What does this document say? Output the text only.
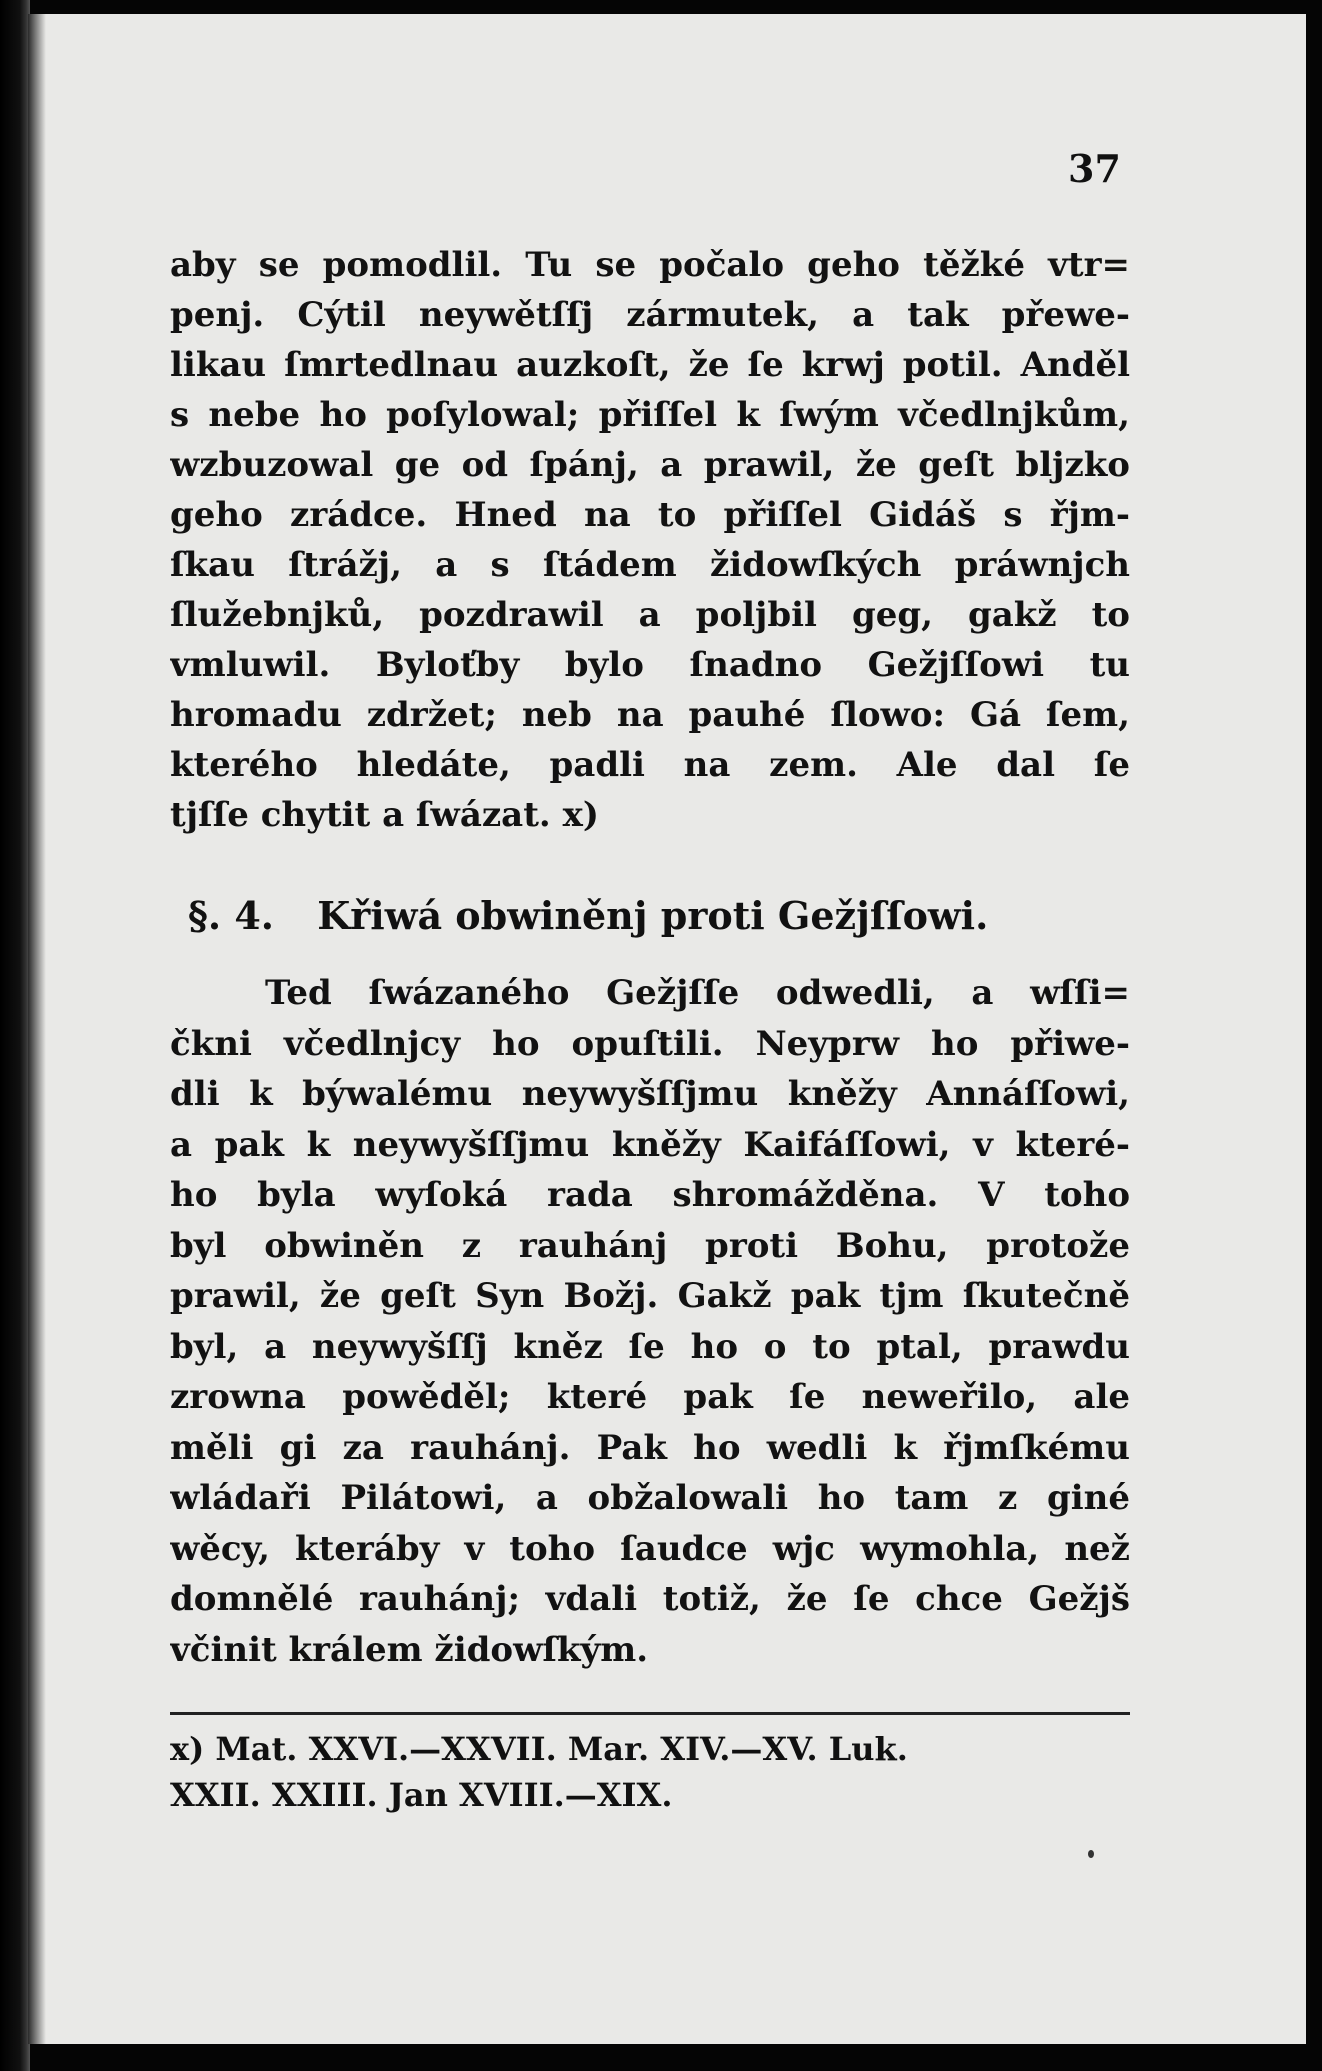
37
aby se pomodlil. Tu se počalo geho těžké vtr=
penj. Cýtil neywětſſj zármutek, a tak přewe-
likau ſmrtedlnau auzkoſt, že ſe krwj potil. Anděl
s nebe ho poſylowal; přiſſel k ſwým včedlnjkům,
wzbuzowal ge od ſpánj, a prawil, že geſt bljzko
geho zrádce. Hned na to přiſſel Gidáš s řjm-
ſkau ſtrážj, a s ſtádem židowſkých práwnjch
ſlužebnjků, pozdrawil a poljbil geg, gakž to
vmluwil. Byloťby bylo ſnadno Gežjſſowi tu
hromadu zdržet; neb na pauhé ſlowo: Gá ſem,
kterého hledáte, padli na zem. Ale dal ſe
tjſſe chytit a ſwázat. x)
§. 4. Křiwá obwiněnj proti Gežjſſowi.
Ted ſwázaného Gežjſſe odwedli, a wſſi=
čkni včedlnjcy ho opuſtili. Neyprw ho přiwe-
dli k býwalému neywyšſſjmu kněžy Annáſſowi,
a pak k neywyšſſjmu kněžy Kaifáſſowi, v které-
ho byla wyſoká rada shromážděna. V toho
byl obwiněn z rauhánj proti Bohu, protože
prawil, že geſt Syn Božj. Gakž pak tjm ſkutečně
byl, a neywyšſſj kněz ſe ho o to ptal, prawdu
zrowna powěděl; které pak ſe neweřilo, ale
měli gi za rauhánj. Pak ho wedli k řjmſkému
wládaři Pilátowi, a obžalowali ho tam z giné
wěcy, kteráby v toho ſaudce wjc wymohla, než
domnělé rauhánj; vdali totiž, že ſe chce Gežjš
včinit králem židowſkým.
x) Mat. XXVI.—XXVII. Mar. XIV.—XV. Luk.
XXII. XXIII. Jan XVIII.—XIX.
